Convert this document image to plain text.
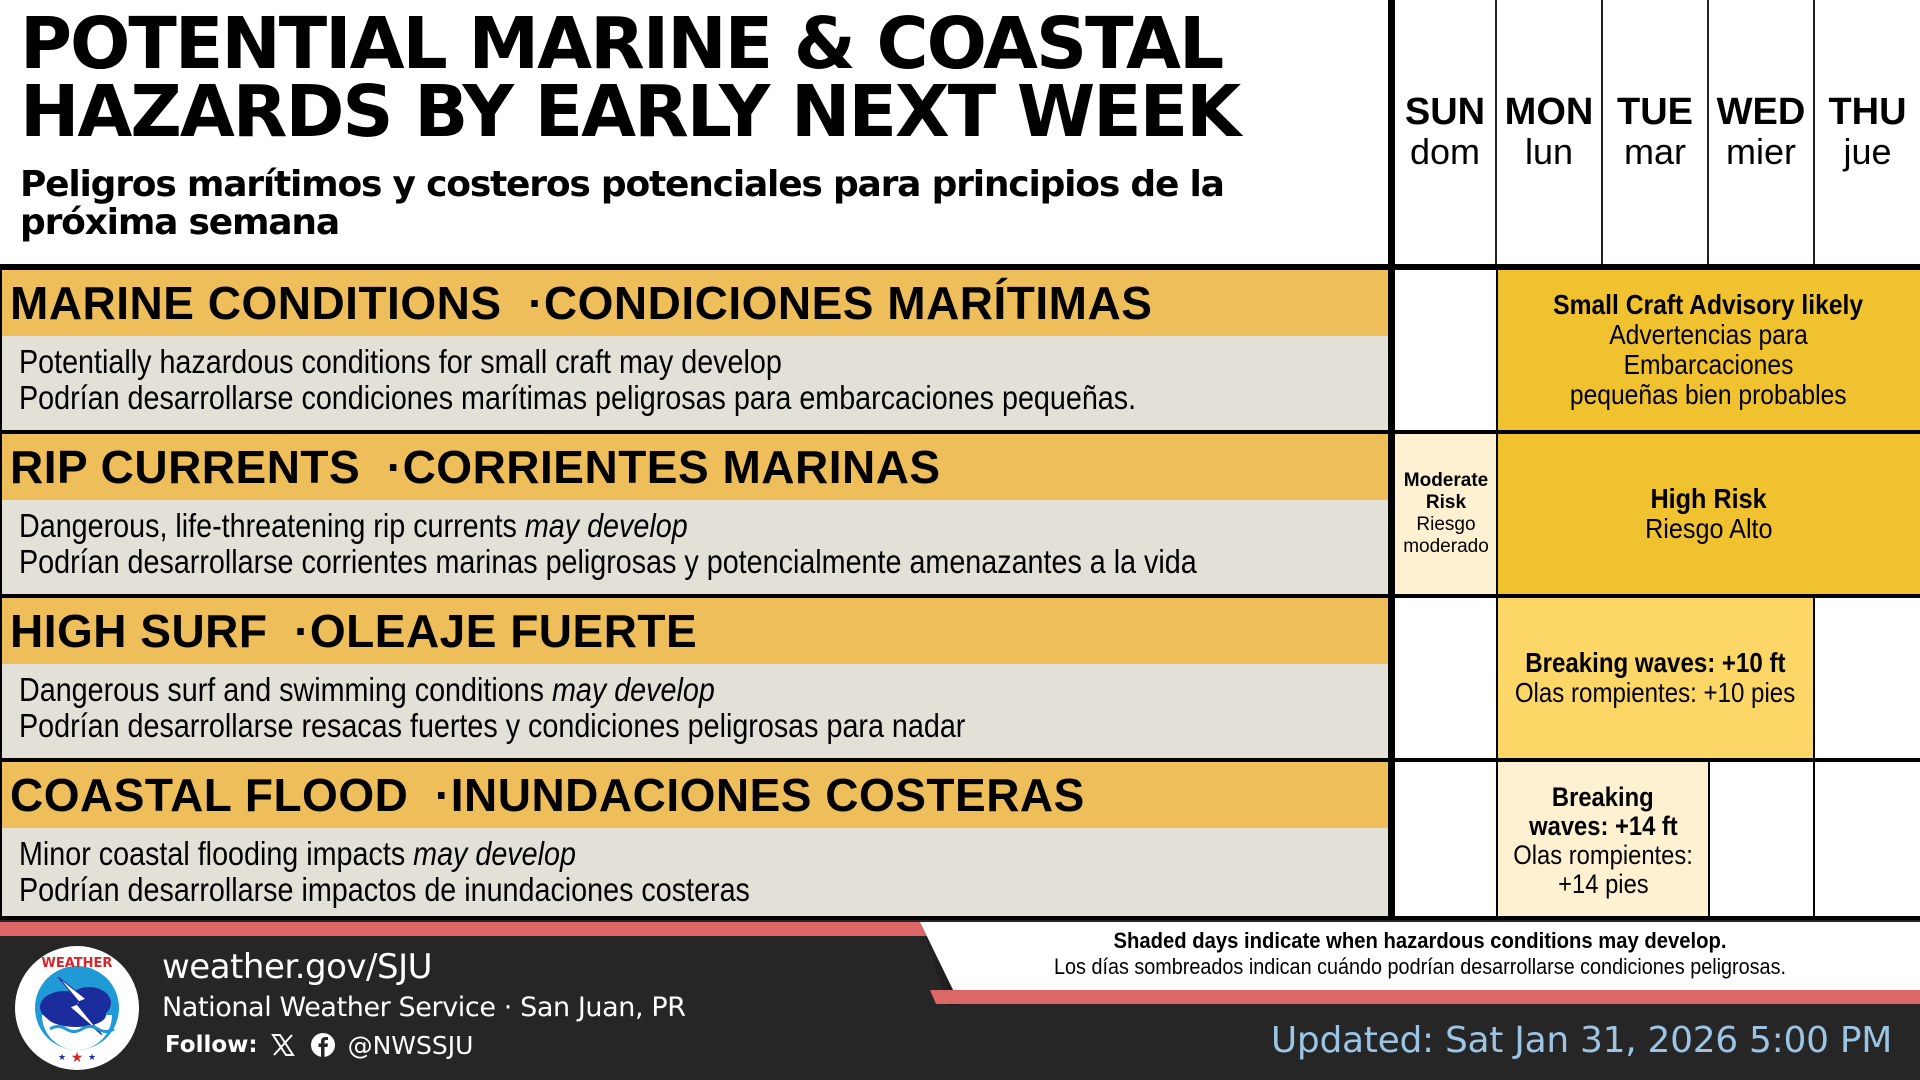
POTENTIAL MARINE & COASTAL
HAZARDS BY EARLY NEXT WEEK
Peligros marítimos y costeros potenciales para principios de la
próxima semana
SUN
dom
MON
lun
TUE
mar
WED
mier
THU
jue
MARINE CONDITIONS
·CONDICIONES MARÍTIMAS
Potentially hazardous conditions for small craft may develop
Podrían desarrollarse condiciones marítimas peligrosas para embarcaciones pequeñas.
Small Craft Advisory likely
Advertencias para Embarcaciones
pequeñas bien probables
RIP CURRENTS
·CORRIENTES MARINAS
Dangerous, life-threatening rip currents may develop
Podrían desarrollarse corrientes marinas peligrosas y potencialmente amenazantes a la vida
Moderate
Risk
Riesgo
moderado
High Risk
Riesgo Alto
HIGH SURF
·OLEAJE FUERTE
Dangerous surf and swimming conditions may develop
Podrían desarrollarse resacas fuertes y condiciones peligrosas para nadar
Breaking waves: +10 ft
Olas rompientes: +10 pies
COASTAL FLOOD
·INUNDACIONES COSTERAS
Minor coastal flooding impacts may develop
Podrían desarrollarse impactos de inundaciones costeras
Breaking
waves: +14 ft
Olas rompientes:
+14 pies
Shaded days indicate when hazardous conditions may develop.
Los días sombreados indican cuándo podrían desarrollarse condiciones peligrosas.
WEATHER
★
★ ★
weather.gov/SJU
National Weather Service · San Juan, PR
Follow:	@NWSSJU	Updated: Sat Jan 31, 2026 5:00 PM
